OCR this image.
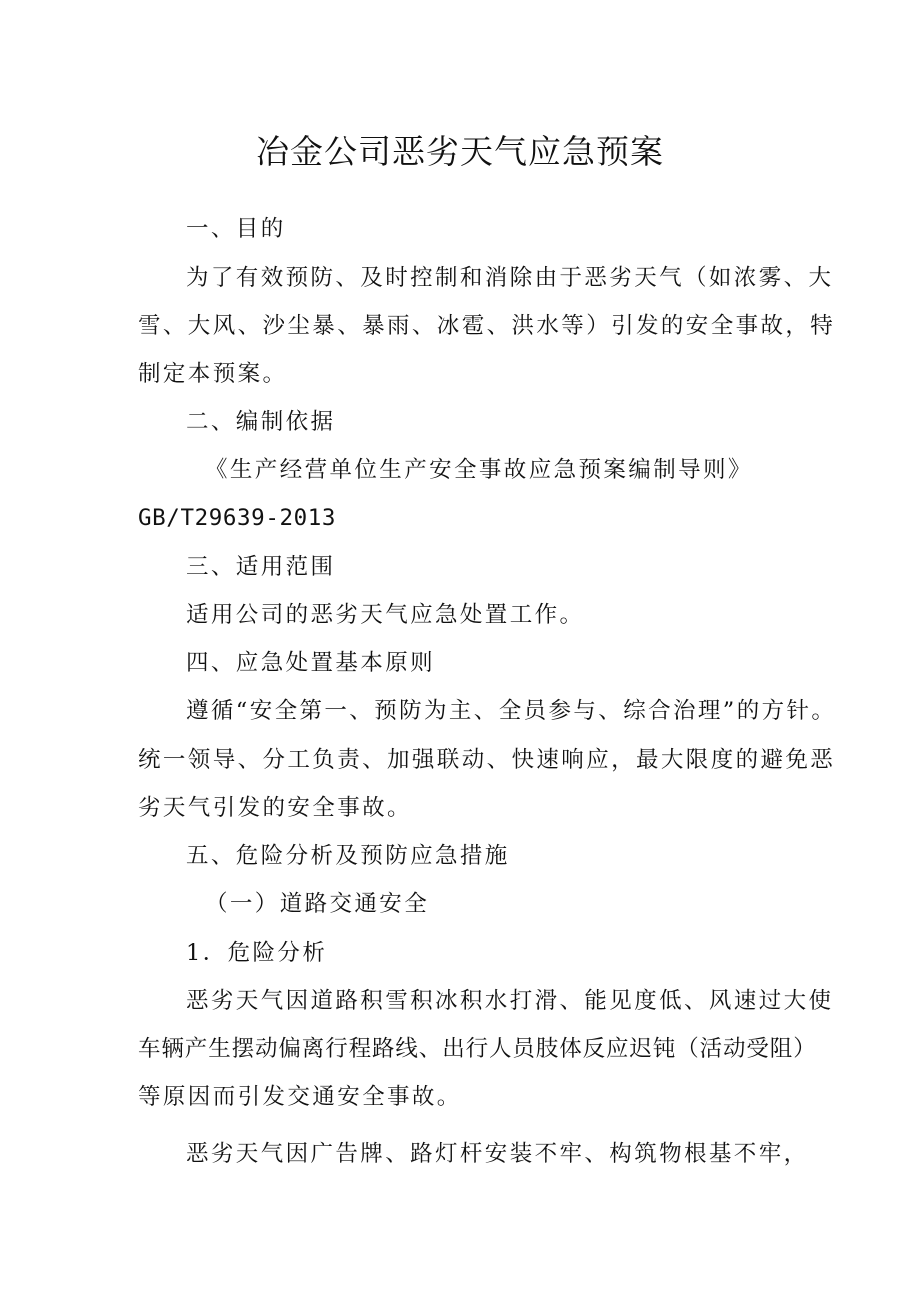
冶金公司恶劣天气应急预案
一、目的
为了有效预防、及时控制和消除由于恶劣天气（如浓雾、大
雪、大风、沙尘暴、暴雨、冰雹、洪水等）引发的安全事故，特
制定本预案。
二、编制依据
《生产经营单位生产安全事故应急预案编制导则》
GB/T29639-2013
三、适用范围
适用公司的恶劣天气应急处置工作。
四、应急处置基本原则
遵循“安全第一、预防为主、全员参与、综合治理”的方针。
统一领导、分工负责、加强联动、快速响应，最大限度的避免恶
劣天气引发的安全事故。
五、危险分析及预防应急措施
（一）道路交通安全
1．危险分析
恶劣天气因道路积雪积冰积水打滑、能见度低、风速过大使
车辆产生摆动偏离行程路线、出行人员肢体反应迟钝（活动受阻）
等原因而引发交通安全事故。
恶劣天气因广告牌、路灯杆安装不牢、构筑物根基不牢，
